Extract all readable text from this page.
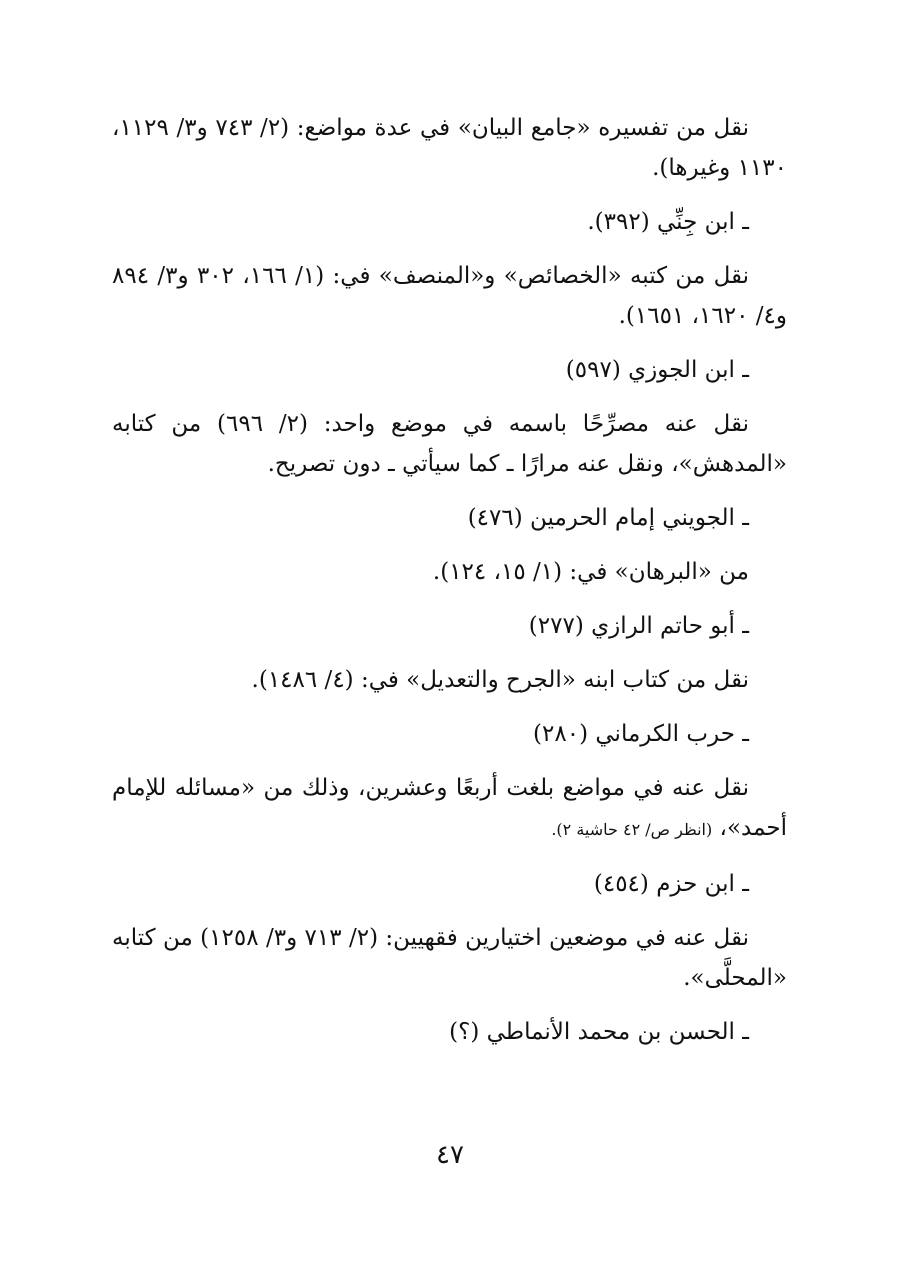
نقل من تفسيره «جامع البيان» في عدة مواضع: (٢/ ٧٤٣ و٣/ ١١٢٩، ١١٣٠ وغيرها).

ـ ابن جِنِّي (٣٩٢).

نقل من كتبه «الخصائص» و«المنصف» في: (١/ ١٦٦، ٣٠٢ و٣/ ٨٩٤ و٤/ ١٦٢٠، ١٦٥١).

ـ ابن الجوزي (٥٩٧)

نقل عنه مصرِّحًا باسمه في موضع واحد: (٢/ ٦٩٦) من كتابه «المدهش»، ونقل عنه مرارًا ـ كما سيأتي ـ دون تصريح.

ـ الجويني إمام الحرمين (٤٧٦)

من «البرهان» في: (١/ ١٥، ١٢٤).

ـ أبو حاتم الرازي (٢٧٧)

نقل من كتاب ابنه «الجرح والتعديل» في: (٤/ ١٤٨٦).

ـ حرب الكرماني (٢٨٠)

نقل عنه في مواضع بلغت أربعًا وعشرين، وذلك من «مسائله للإمام أحمد»، (انظر ص/ ٤٢ حاشية ٢).

ـ ابن حزم (٤٥٤)

نقل عنه في موضعين اختيارين فقهيين: (٢/ ٧١٣ و٣/ ١٢٥٨) من كتابه «المحلَّى».

ـ الحسن بن محمد الأنماطي (؟)

٤٧
